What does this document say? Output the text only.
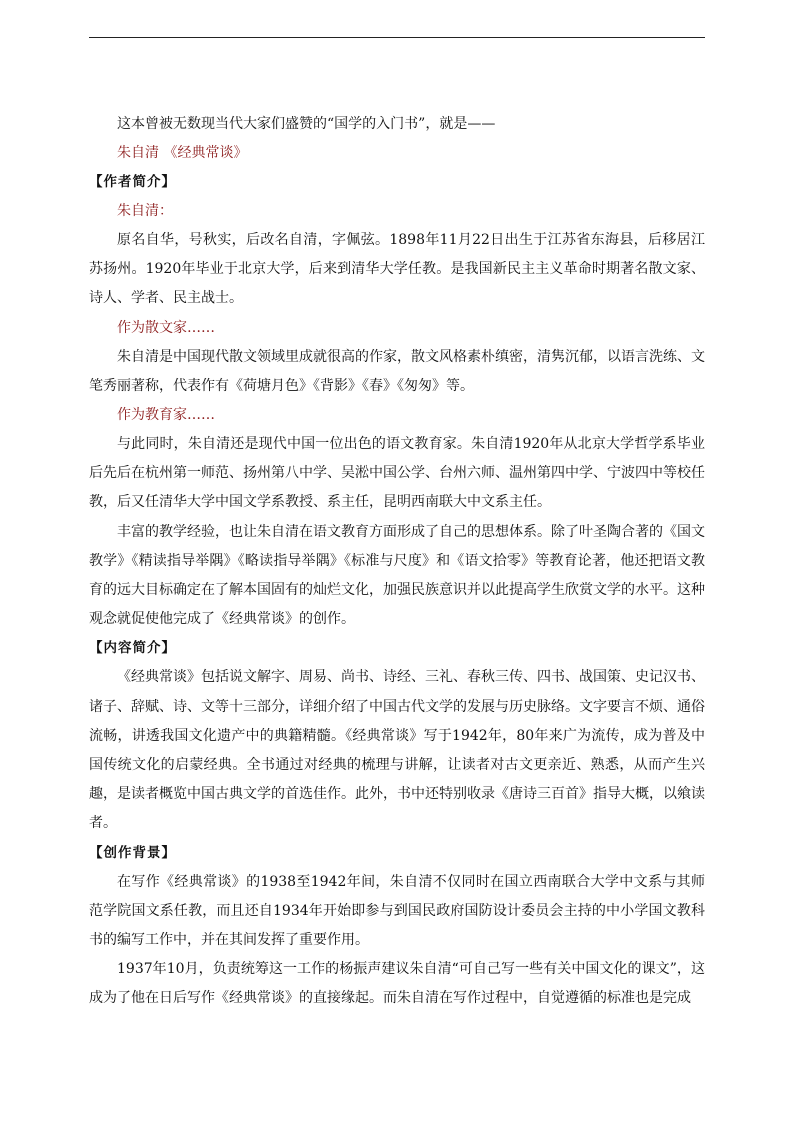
这本曾被无数现当代大家们盛赞的“国学的入门书”，就是——

朱自清 《经典常谈》

【作者简介】

朱自清：

原名自华，号秋实，后改名自清，字佩弦。1898年11月22日出生于江苏省东海县，后移居江苏扬州。1920年毕业于北京大学，后来到清华大学任教。是我国新民主主义革命时期著名散文家、诗人、学者、民主战士。

作为散文家……

朱自清是中国现代散文领域里成就很高的作家，散文风格素朴缜密，清隽沉郁，以语言洗练、文笔秀丽著称，代表作有《荷塘月色》《背影》《春》《匆匆》等。

作为教育家……

与此同时，朱自清还是现代中国一位出色的语文教育家。朱自清1920年从北京大学哲学系毕业后先后在杭州第一师范、扬州第八中学、吴淞中国公学、台州六师、温州第四中学、宁波四中等校任教，后又任清华大学中国文学系教授、系主任，昆明西南联大中文系主任。

丰富的教学经验，也让朱自清在语文教育方面形成了自己的思想体系。除了叶圣陶合著的《国文教学》《精读指导举隅》《略读指导举隅》《标准与尺度》和《语文拾零》等教育论著，他还把语文教育的远大目标确定在了解本国固有的灿烂文化，加强民族意识并以此提高学生欣赏文学的水平。这种观念就促使他完成了《经典常谈》的创作。

【内容简介】

《经典常谈》包括说文解字、周易、尚书、诗经、三礼、春秋三传、四书、战国策、史记汉书、诸子、辞赋、诗、文等十三部分，详细介绍了中国古代文学的发展与历史脉络。文字要言不烦、通俗流畅，讲透我国文化遗产中的典籍精髓。《经典常谈》写于1942年，80年来广为流传，成为普及中国传统文化的启蒙经典。全书通过对经典的梳理与讲解，让读者对古文更亲近、熟悉，从而产生兴趣，是读者概览中国古典文学的首选佳作。此外，书中还特别收录《唐诗三百首》指导大概，以飨读者。

【创作背景】

在写作《经典常谈》的1938至1942年间，朱自清不仅同时在国立西南联合大学中文系与其师范学院国文系任教，而且还自1934年开始即参与到国民政府国防设计委员会主持的中小学国文教科书的编写工作中，并在其间发挥了重要作用。

1937年10月，负责统筹这一工作的杨振声建议朱自清“可自己写一些有关中国文化的课文”，这成为了他在日后写作《经典常谈》的直接缘起。而朱自清在写作过程中，自觉遵循的标准也是完成
